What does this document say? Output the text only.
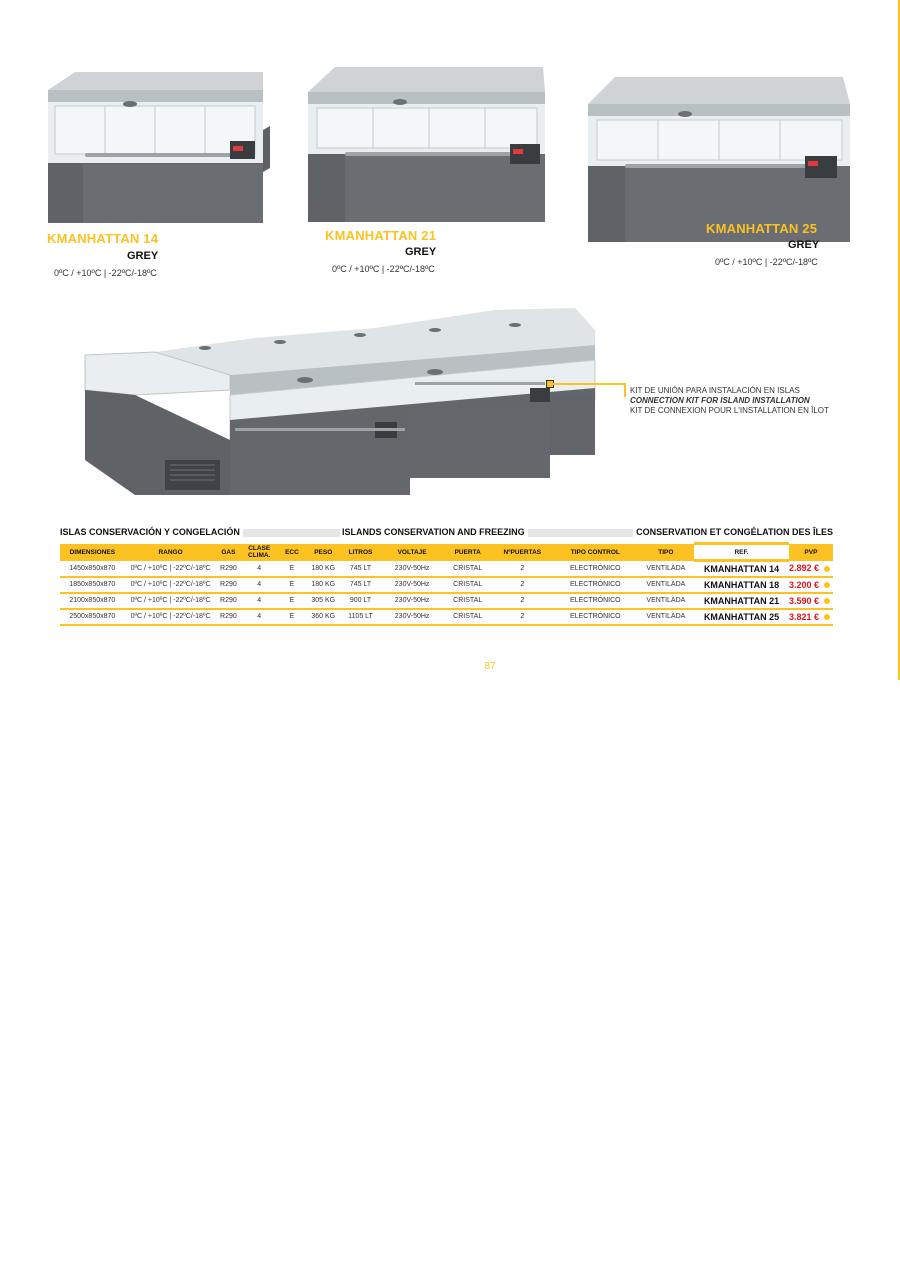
KMANHATTAN 14
GREY
0ºC / +10ºC | -22ºC/-18ºC
KMANHATTAN 21
GREY
0ºC / +10ºC | -22ºC/-18ºC
KMANHATTAN 25
GREY
0ºC / +10ºC | -22ºC/-18ºC
KIT DE UNIÓN PARA INSTALACIÓN EN ISLAS
CONNECTION KIT FOR ISLAND INSTALLATION
KIT DE CONNEXION POUR L'INSTALLATION EN ÎLOT
ISLAS CONSERVACIÓN Y CONGELACIÓN	ISLANDS CONSERVATION AND FREEZING	CONSERVATION ET CONGÉLATION DES ÎLES
DIMENSIONES	RANGO	GAS	CLASE CLIMA.	ECC	PESO	LITROS	VOLTAJE	PUERTA	NºPUERTAS	TIPO CONTROL	TIPO	REF.	PVP
1450x850x870	0ºC / +10ºC | -22ºC/-18ºC	R290	4	E	180 KG	745 LT	230V-50Hz	CRISTAL	2	ELECTRÓNICO	VENTILADA	KMANHATTAN 14	2.892 €
1850x850x870	0ºC / +10ºC | -22ºC/-18ºC	R290	4	E	180 KG	745 LT	230V-50Hz	CRISTAL	2	ELECTRÓNICO	VENTILADA	KMANHATTAN 18	3.200 €
2100x850x870	0ºC / +10ºC | -22ºC/-18ºC	R290	4	E	305 KG	900 LT	230V-50Hz	CRISTAL	2	ELECTRÓNICO	VENTILADA	KMANHATTAN 21	3.590 €
2500x850x870	0ºC / +10ºC | -22ºC/-18ºC	R290	4	E	360 KG	1105 LT	230V-50Hz	CRISTAL	2	ELECTRÓNICO	VENTILADA	KMANHATTAN 25	3.821 €
87
